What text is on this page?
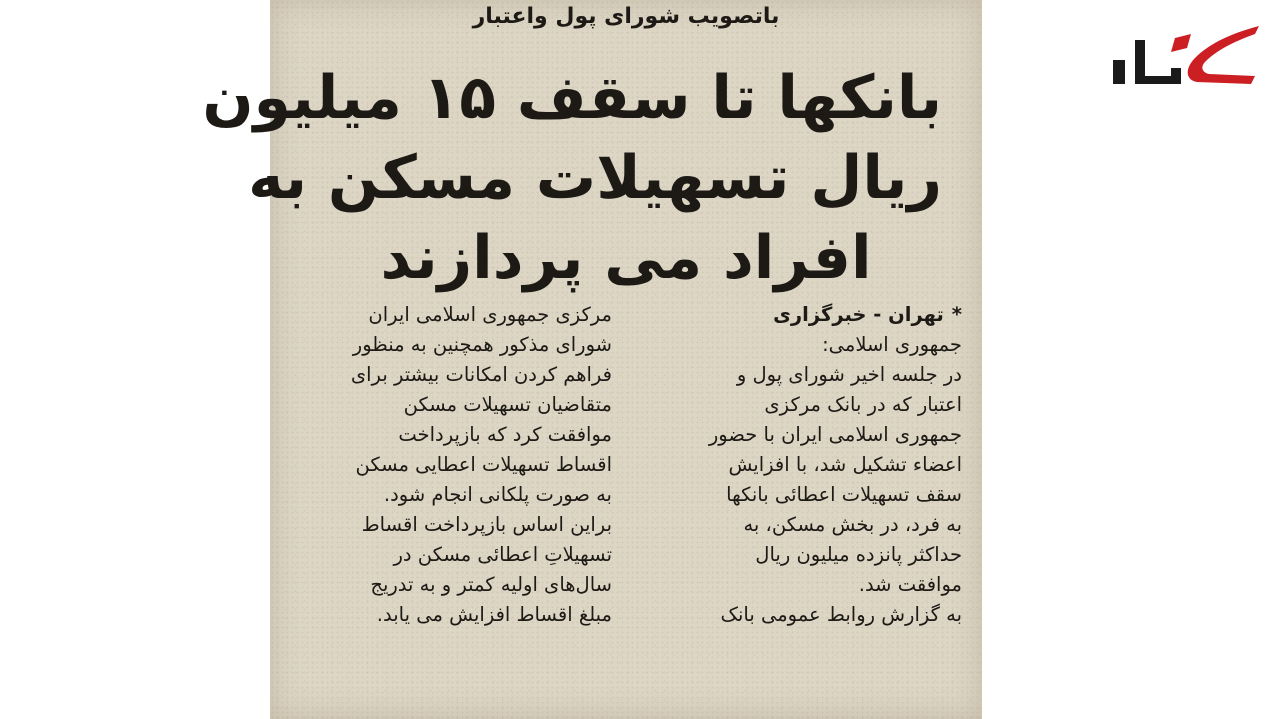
باتصویب شورای پول واعتبار
بانکها تا سقف ۱۵ میلیون
ریال تسهیلات مسکن به
افراد می پردازند
*تهران - خبرگزاری
جمهوری اسلامی:
در جلسه اخیر شورای پول و
اعتبار که در بانک مرکزی
جمهوری اسلامی ایران با حضور
اعضاء تشکیل شد، با افزایش
سقف تسهیلات اعطائی بانکها
به فرد، در بخش مسکن، به
حداکثر پانزده میلیون ریال
موافقت شد.
به گزارش روابط عمومی بانک
مرکزی جمهوری اسلامی ایران
شورای مذکور همچنین به منظور
فراهم کردن امکانات بیشتر برای
متقاضیان تسهیلات مسکن
موافقت کرد که بازپرداخت
اقساط تسهیلات اعطایی مسکن
به صورت پلکانی انجام شود.
براین اساس بازپرداخت اقساط
تسهیلاتِ اعطائی مسکن در
سال‌های اولیه کمتر و به تدریج
مبلغ اقساط افزایش می یابد.
